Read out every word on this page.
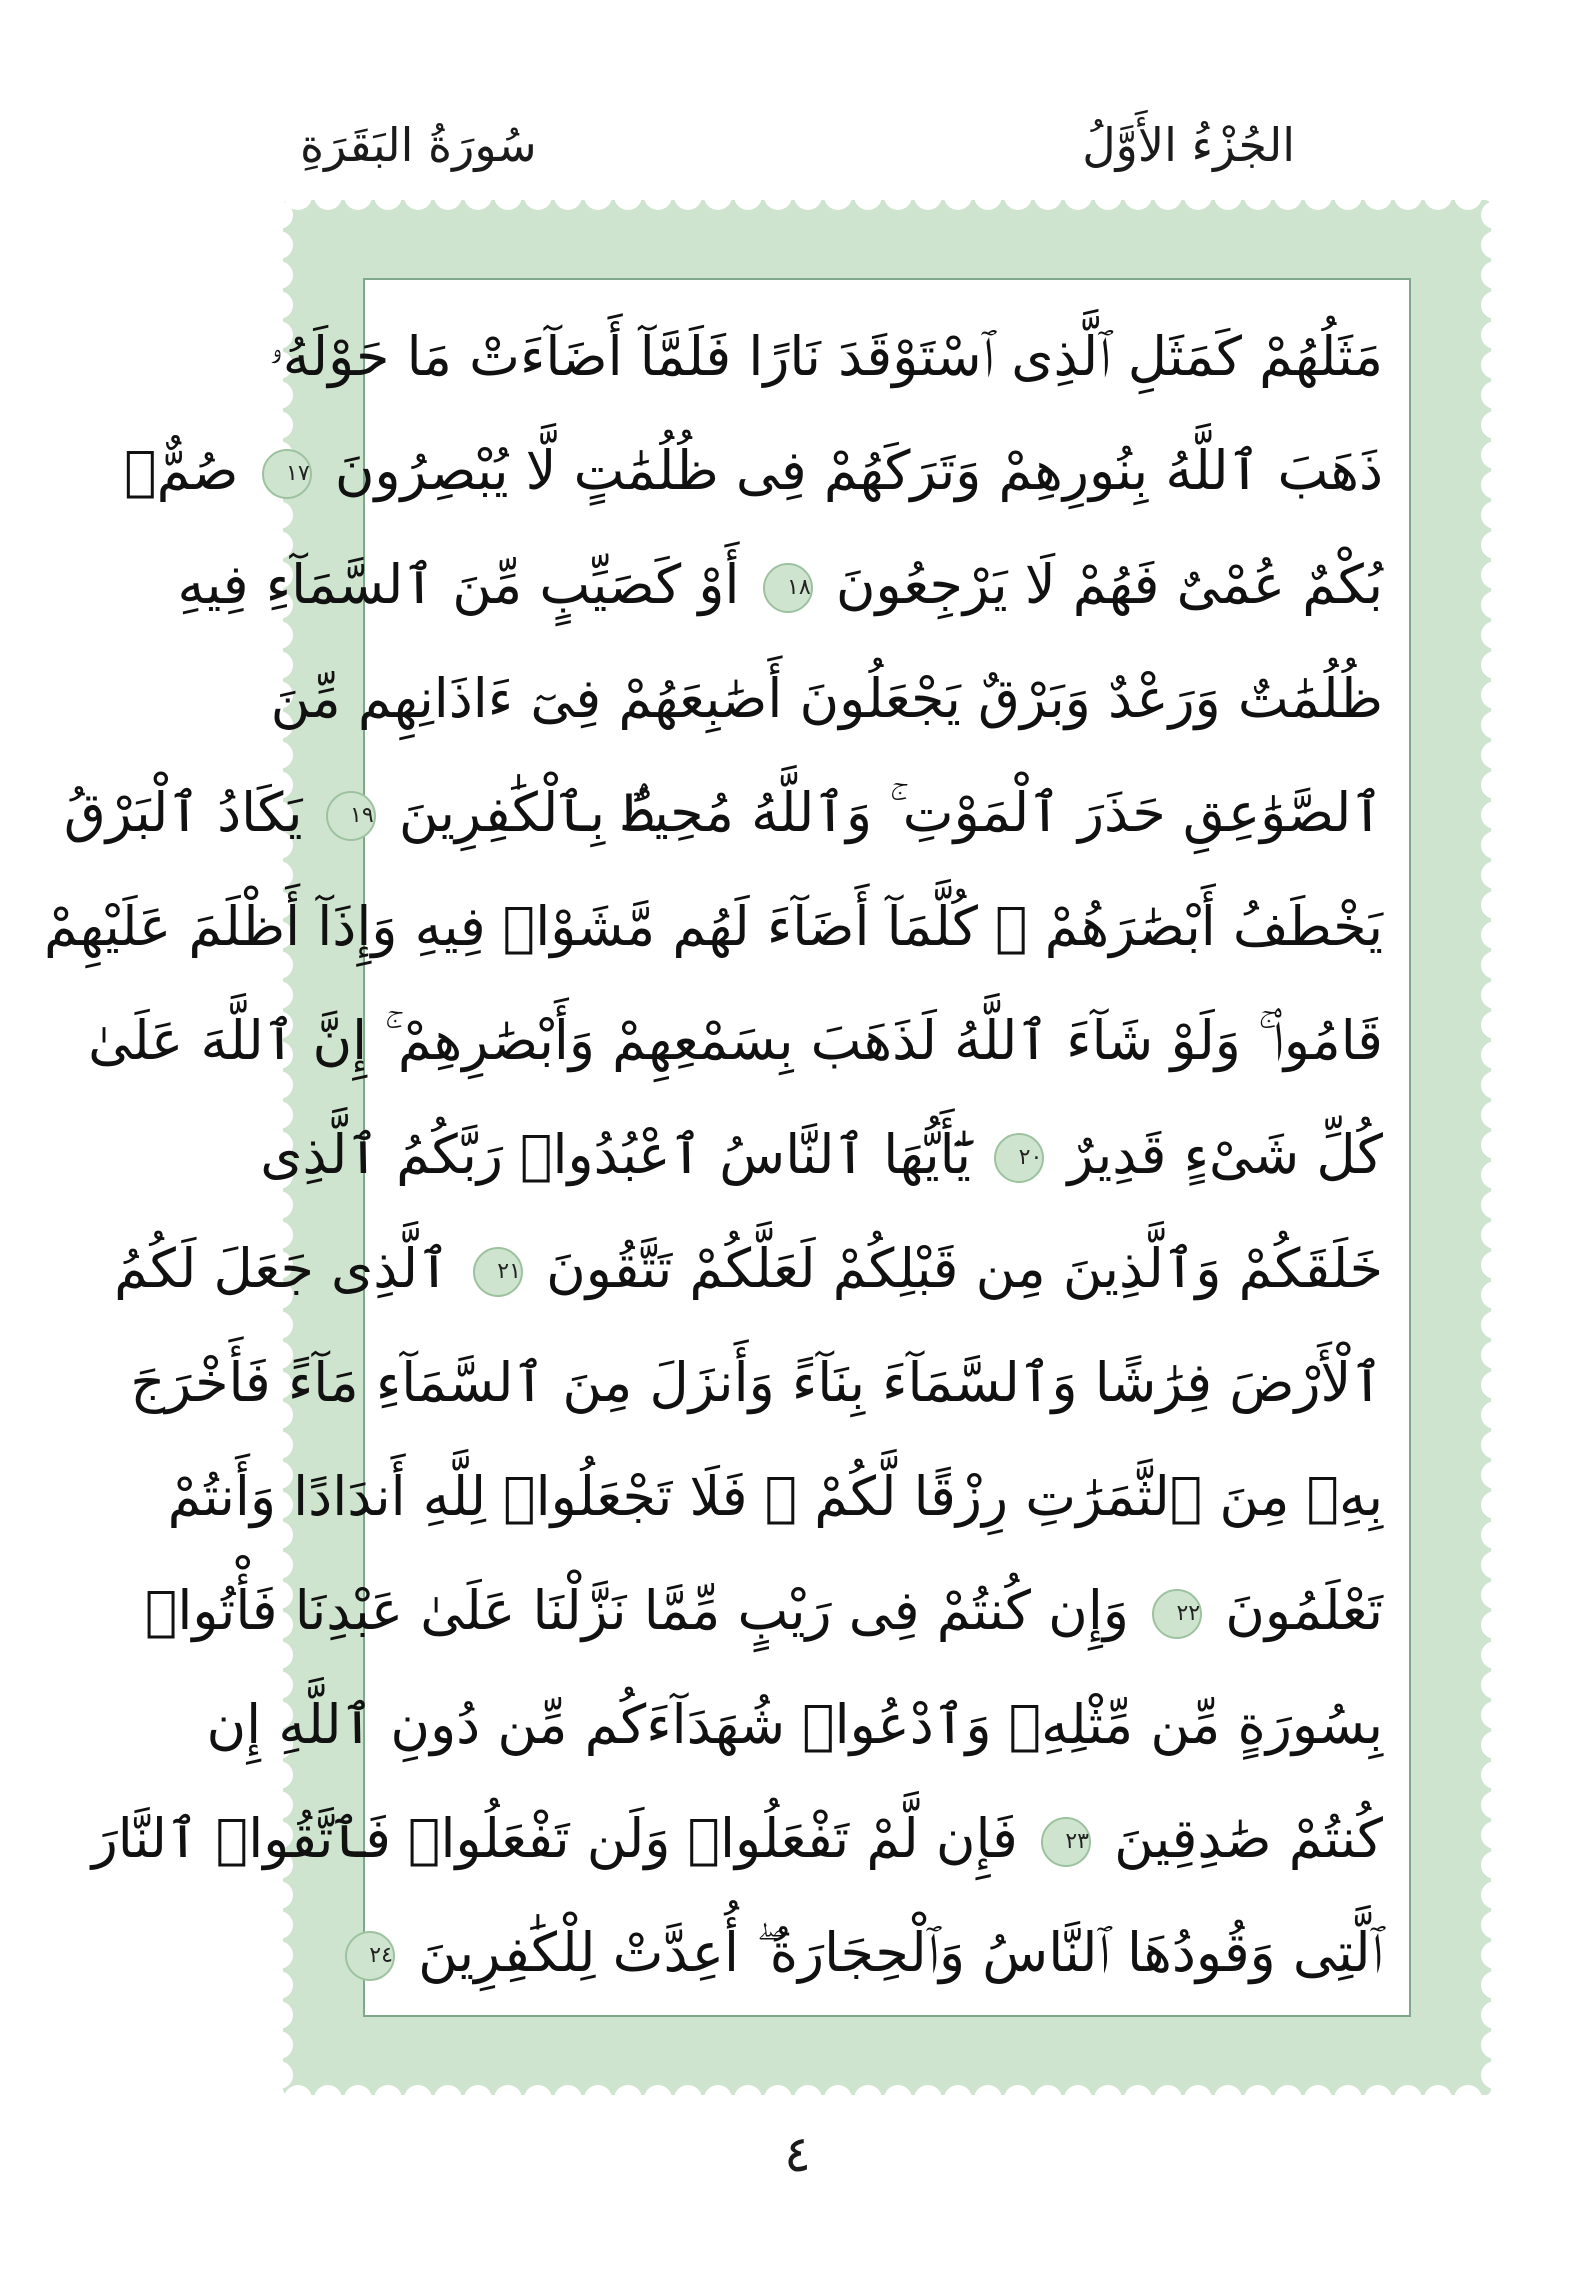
الجُزْءُ الأَوَّلُ
سُورَةُ البَقَرَةِ
مَثَلُهُمْ كَمَثَلِ ٱلَّذِى ٱسْتَوْقَدَ نَارًا فَلَمَّآ أَضَآءَتْ مَا حَوْلَهُۥ
ذَهَبَ ٱللَّهُ بِنُورِهِمْ وَتَرَكَهُمْ فِى ظُلُمَٰتٍ لَّا يُبْصِرُونَ ١٧ صُمٌّۢ
بُكْمٌ عُمْىٌ فَهُمْ لَا يَرْجِعُونَ ١٨ أَوْ كَصَيِّبٍ مِّنَ ٱلسَّمَآءِ فِيهِ
ظُلُمَٰتٌ وَرَعْدٌ وَبَرْقٌ يَجْعَلُونَ أَصَٰبِعَهُمْ فِىٓ ءَاذَانِهِم مِّنَ
ٱلصَّوَٰعِقِ حَذَرَ ٱلْمَوْتِ ۚ وَٱللَّهُ مُحِيطٌۢ بِٱلْكَٰفِرِينَ ١٩ يَكَادُ ٱلْبَرْقُ
يَخْطَفُ أَبْصَٰرَهُمْ ۖ كُلَّمَآ أَضَآءَ لَهُم مَّشَوْا۟ فِيهِ وَإِذَآ أَظْلَمَ عَلَيْهِمْ
قَامُوا۟ ۚ وَلَوْ شَآءَ ٱللَّهُ لَذَهَبَ بِسَمْعِهِمْ وَأَبْصَٰرِهِمْ ۚ إِنَّ ٱللَّهَ عَلَىٰ
كُلِّ شَىْءٍ قَدِيرٌ ٢٠ يَٰٓأَيُّهَا ٱلنَّاسُ ٱعْبُدُوا۟ رَبَّكُمُ ٱلَّذِى
خَلَقَكُمْ وَٱلَّذِينَ مِن قَبْلِكُمْ لَعَلَّكُمْ تَتَّقُونَ ٢١ ٱلَّذِى جَعَلَ لَكُمُ
ٱلْأَرْضَ فِرَٰشًا وَٱلسَّمَآءَ بِنَآءً وَأَنزَلَ مِنَ ٱلسَّمَآءِ مَآءً فَأَخْرَجَ
بِهِۦ مِنَ ٱلثَّمَرَٰتِ رِزْقًا لَّكُمْ ۖ فَلَا تَجْعَلُوا۟ لِلَّهِ أَندَادًا وَأَنتُمْ
تَعْلَمُونَ ٢٢ وَإِن كُنتُمْ فِى رَيْبٍ مِّمَّا نَزَّلْنَا عَلَىٰ عَبْدِنَا فَأْتُوا۟
بِسُورَةٍ مِّن مِّثْلِهِۦ وَٱدْعُوا۟ شُهَدَآءَكُم مِّن دُونِ ٱللَّهِ إِن
كُنتُمْ صَٰدِقِينَ ٢٣ فَإِن لَّمْ تَفْعَلُوا۟ وَلَن تَفْعَلُوا۟ فَٱتَّقُوا۟ ٱلنَّارَ
ٱلَّتِى وَقُودُهَا ٱلنَّاسُ وَٱلْحِجَارَةُ ۖ أُعِدَّتْ لِلْكَٰفِرِينَ ٢٤
٤
